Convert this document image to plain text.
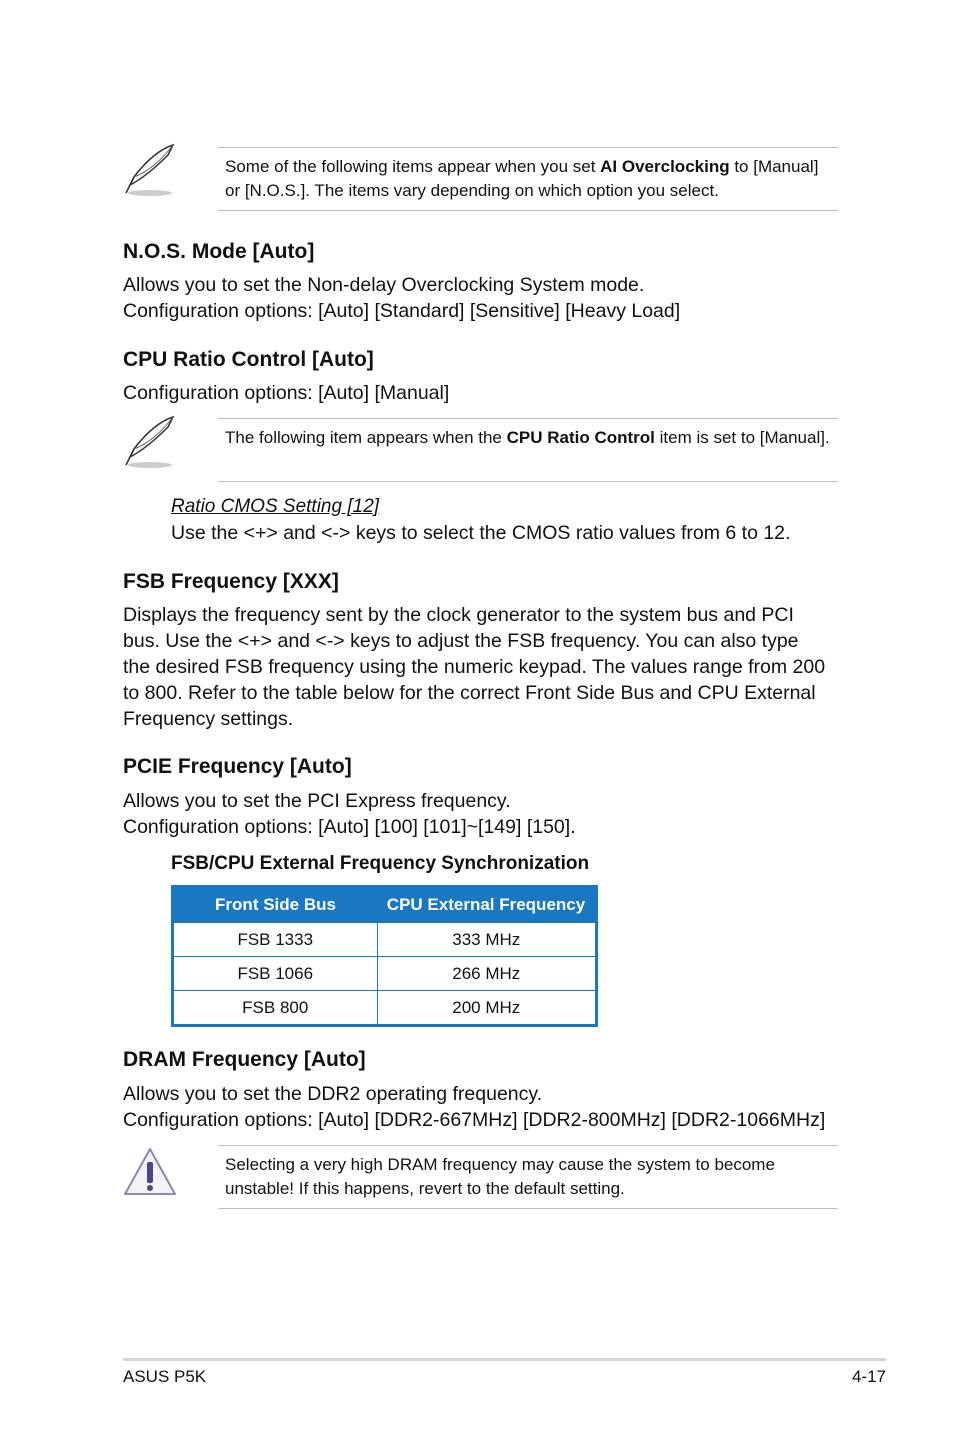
Some of the following items appear when you set AI Overclocking to [Manual] or [N.O.S.]. The items vary depending on which option you select.
N.O.S. Mode [Auto]

Allows you to set the Non-delay Overclocking System mode.

Configuration options: [Auto] [Standard] [Sensitive] [Heavy Load]

CPU Ratio Control [Auto]

Configuration options: [Auto] [Manual]

The following item appears when the CPU Ratio Control item is set to [Manual].

Ratio CMOS Setting [12]

Use the <+> and <-> keys to select the CMOS ratio values from 6 to 12.

FSB Frequency [XXX]

Displays the frequency sent by the clock generator to the system bus and PCI bus. Use the <+> and <-> keys to adjust the FSB frequency. You can also type the desired FSB frequency using the numeric keypad. The values range from 200 to 800. Refer to the table below for the correct Front Side Bus and CPU External Frequency settings.

PCIE Frequency [Auto]

Allows you to set the PCI Express frequency.

Configuration options: [Auto] [100] [101]~[149] [150].

FSB/CPU External Frequency Synchronization
Front Side Bus	CPU External Frequency
FSB 1333	333 MHz
FSB 1066	266 MHz
FSB 800	200 MHz
DRAM Frequency [Auto]

Allows you to set the DDR2 operating frequency.

Configuration options: [Auto] [DDR2-667MHz] [DDR2-800MHz] [DDR2-1066MHz]

Selecting a very high DRAM frequency may cause the system to become unstable! If this happens, revert to the default setting.
ASUS P5K	4-17
